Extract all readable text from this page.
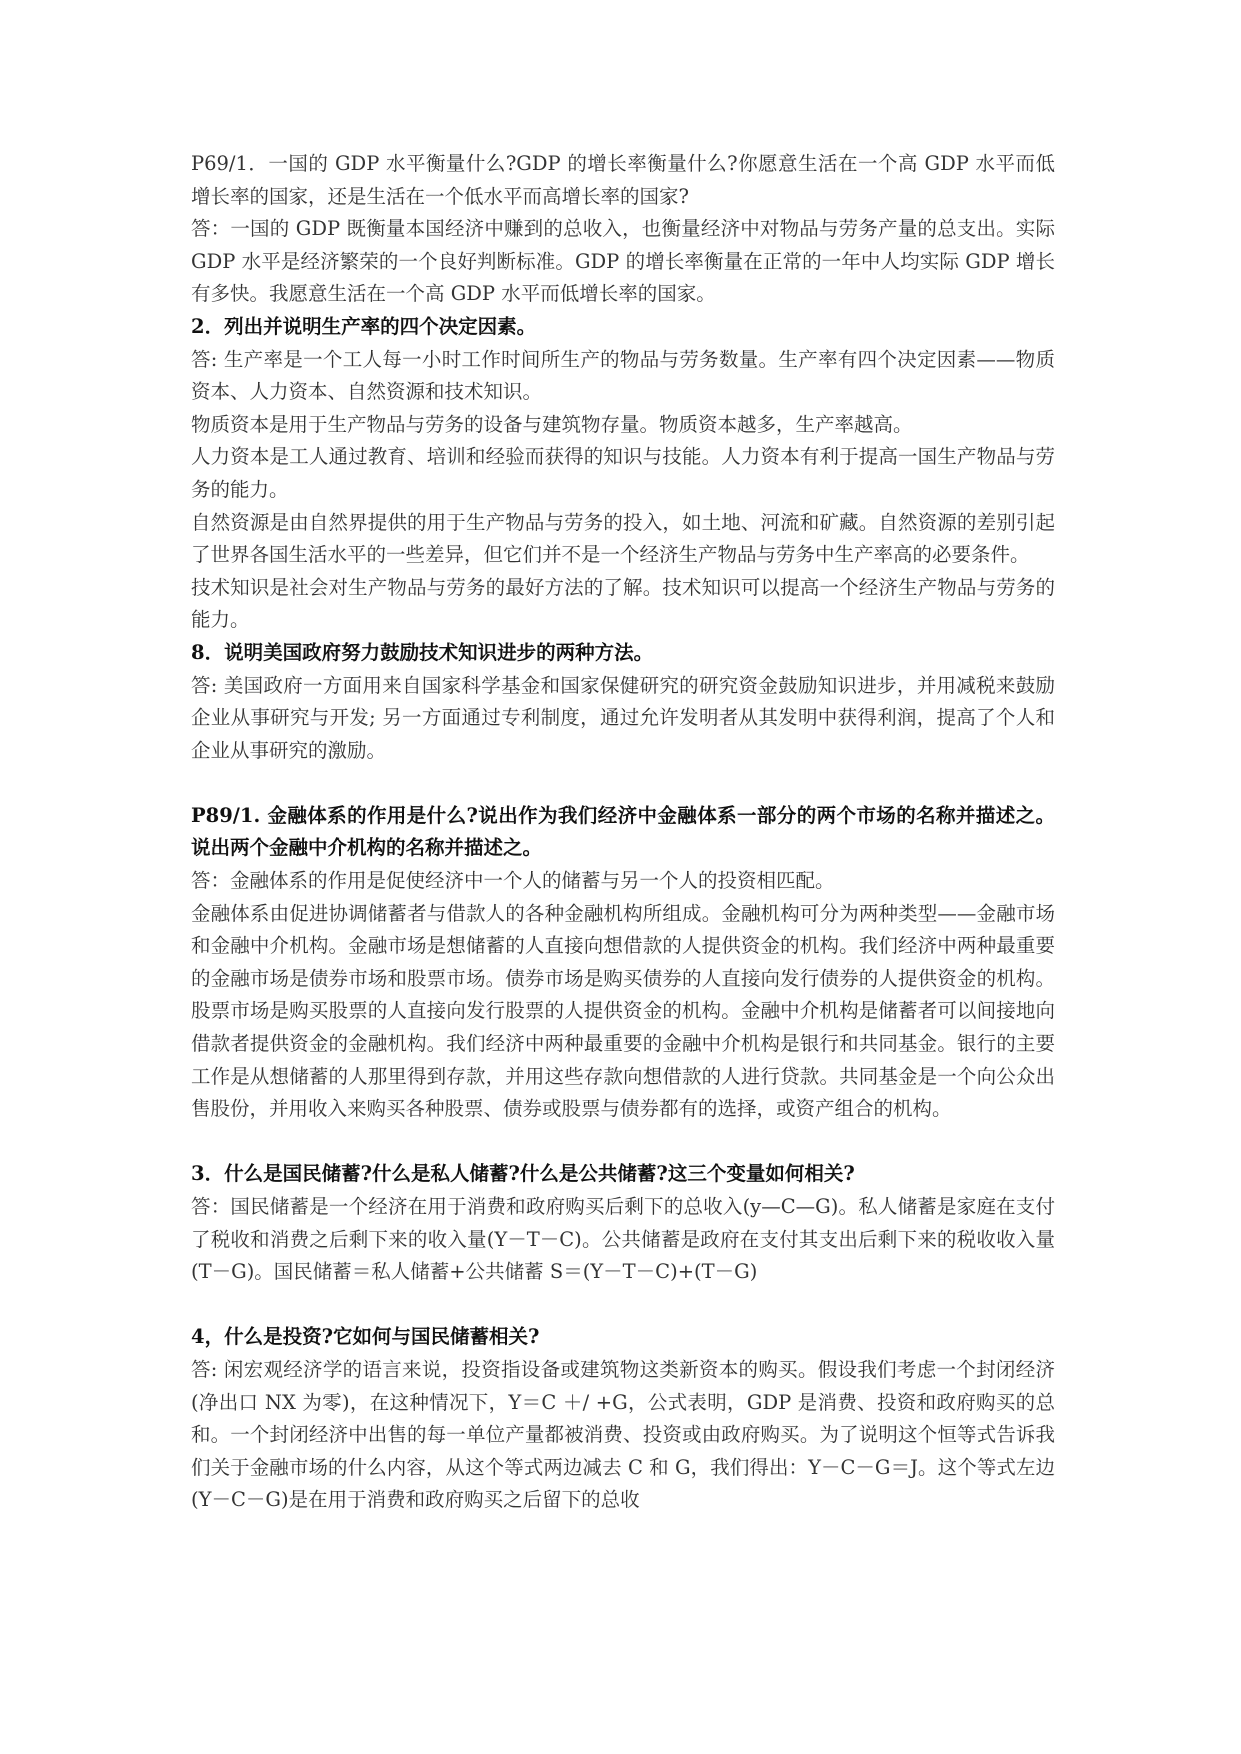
P69/1．一国的 GDP 水平衡量什么?GDP 的增长率衡量什么?你愿意生活在一个高 GDP 水平而低增长率的国家，还是生活在一个低水平而高增长率的国家?

答：一国的 GDP 既衡量本国经济中赚到的总收入，也衡量经济中对物品与劳务产量的总支出。实际 GDP 水平是经济繁荣的一个良好判断标准。GDP 的增长率衡量在正常的一年中人均实际 GDP 增长有多快。我愿意生活在一个高 GDP 水平而低增长率的国家。

2．列出并说明生产率的四个决定因素。

答: 生产率是一个工人每一小时工作时间所生产的物品与劳务数量。生产率有四个决定因素——物质资本、人力资本、自然资源和技术知识。

物质资本是用于生产物品与劳务的设备与建筑物存量。物质资本越多，生产率越高。

人力资本是工人通过教育、培训和经验而获得的知识与技能。人力资本有利于提高一国生产物品与劳务的能力。

自然资源是由自然界提供的用于生产物品与劳务的投入，如土地、河流和矿藏。自然资源的差别引起了世界各国生活水平的一些差异，但它们并不是一个经济生产物品与劳务中生产率高的必要条件。

技术知识是社会对生产物品与劳务的最好方法的了解。技术知识可以提高一个经济生产物品与劳务的能力。

8．说明美国政府努力鼓励技术知识进步的两种方法。

答: 美国政府一方面用来自国家科学基金和国家保健研究的研究资金鼓励知识进步，并用减税来鼓励企业从事研究与开发; 另一方面通过专利制度，通过允许发明者从其发明中获得利润，提高了个人和企业从事研究的激励。

P89/1. 金融体系的作用是什么?说出作为我们经济中金融体系一部分的两个市场的名称并描述之。说出两个金融中介机构的名称并描述之。

答：金融体系的作用是促使经济中一个人的储蓄与另一个人的投资相匹配。

金融体系由促进协调储蓄者与借款人的各种金融机构所组成。金融机构可分为两种类型——金融市场和金融中介机构。金融市场是想储蓄的人直接向想借款的人提供资金的机构。我们经济中两种最重要的金融市场是债券市场和股票市场。债券市场是购买债券的人直接向发行债券的人提供资金的机构。股票市场是购买股票的人直接向发行股票的人提供资金的机构。金融中介机构是储蓄者可以间接地向借款者提供资金的金融机构。我们经济中两种最重要的金融中介机构是银行和共同基金。银行的主要工作是从想储蓄的人那里得到存款，并用这些存款向想借款的人进行贷款。共同基金是一个向公众出售股份，并用收入来购买各种股票、债券或股票与债券都有的选择，或资产组合的机构。

3．什么是国民储蓄?什么是私人储蓄?什么是公共储蓄?这三个变量如何相关?

答：国民储蓄是一个经济在用于消费和政府购买后剩下的总收入(y—C—G)。私人储蓄是家庭在支付了税收和消费之后剩下来的收入量(Y－T－C)。公共储蓄是政府在支付其支出后剩下来的税收收入量(T－G)。国民储蓄＝私人储蓄+公共储蓄 S＝(Y－T－C)+(T－G)

4，什么是投资?它如何与国民储蓄相关?

答: 闲宏观经济学的语言来说，投资指设备或建筑物这类新资本的购买。假设我们考虑一个封闭经济(净出口 NX 为零)，在这种情况下，Y＝C ＋/ +G，公式表明，GDP 是消费、投资和政府购买的总和。一个封闭经济中出售的每一单位产量都被消费、投资或由政府购买。为了说明这个恒等式告诉我们关于金融市场的什么内容，从这个等式两边减去 C 和 G，我们得出：Y－C－G＝J。这个等式左边(Y－C－G)是在用于消费和政府购买之后留下的总收
